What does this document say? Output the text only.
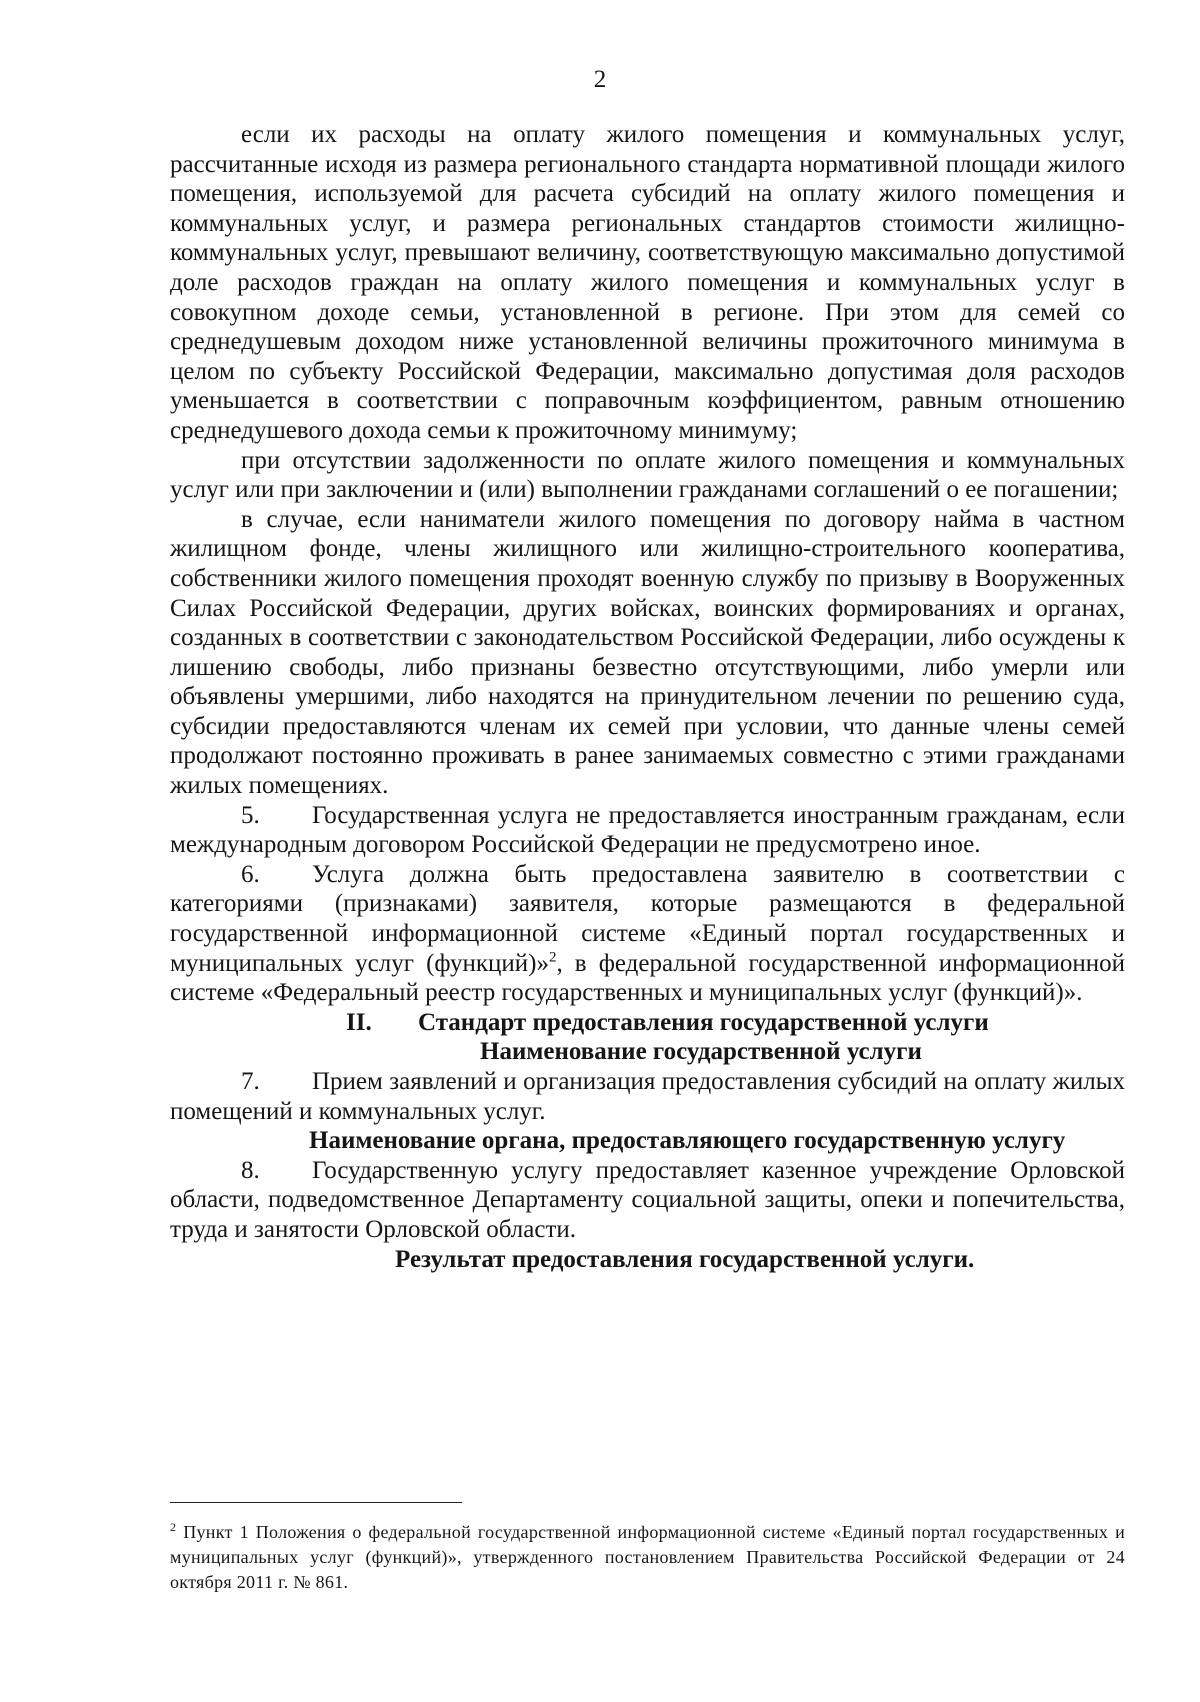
2

если их расходы на оплату жилого помещения и коммунальных услуг, рассчитанные исходя из размера регионального стандарта нормативной площади жилого помещения, используемой для расчета субсидий на оплату жилого помещения и коммунальных услуг, и размера региональных стандартов стоимости жилищно-коммунальных услуг, превышают величину, соответствующую максимально допустимой доле расходов граждан на оплату жилого помещения и коммунальных услуг в совокупном доходе семьи, установленной в регионе. При этом для семей со среднедушевым доходом ниже установленной величины прожиточного минимума в целом по субъекту Российской Федерации, максимально допустимая доля расходов уменьшается в соответствии с поправочным коэффициентом, равным отношению среднедушевого дохода семьи к прожиточному минимуму;

при отсутствии задолженности по оплате жилого помещения и коммунальных услуг или при заключении и (или) выполнении гражданами соглашений о ее погашении;

в случае, если наниматели жилого помещения по договору найма в частном жилищном фонде, члены жилищного или жилищно-строительного кооператива, собственники жилого помещения проходят военную службу по призыву в Вооруженных Силах Российской Федерации, других войсках, воинских формированиях и органах, созданных в соответствии с законодательством Российской Федерации, либо осуждены к лишению свободы, либо признаны безвестно отсутствующими, либо умерли или объявлены умершими, либо находятся на принудительном лечении по решению суда, субсидии предоставляются членам их семей при условии, что данные члены семей продолжают постоянно проживать в ранее занимаемых совместно с этими гражданами жилых помещениях.

5. Государственная услуга не предоставляется иностранным гражданам, если международным договором Российской Федерации не предусмотрено иное.

6. Услуга должна быть предоставлена заявителю в соответствии с категориями (признаками) заявителя, которые размещаются в федеральной государственной информационной системе «Единый портал государственных и муниципальных услуг (функций)»$^2$, в федеральной государственной информационной системе «Федеральный реестр государственных и муниципальных услуг (функций)».

II. Стандарт предоставления государственной услуги

Наименование государственной услуги

7. Прием заявлений и организация предоставления субсидий на оплату жилых помещений и коммунальных услуг.

Наименование органа, предоставляющего государственную услугу

8. Государственную услугу предоставляет казенное учреждение Орловской области, подведомственное Департаменту социальной защиты, опеки и попечительства, труда и занятости Орловской области.

Результат предоставления государственной услуги.

$^2$ Пункт 1 Положения о федеральной государственной информационной системе «Единый портал государственных и муниципальных услуг (функций)», утвержденного постановлением Правительства Российской Федерации от 24 октября 2011 г. № 861.
